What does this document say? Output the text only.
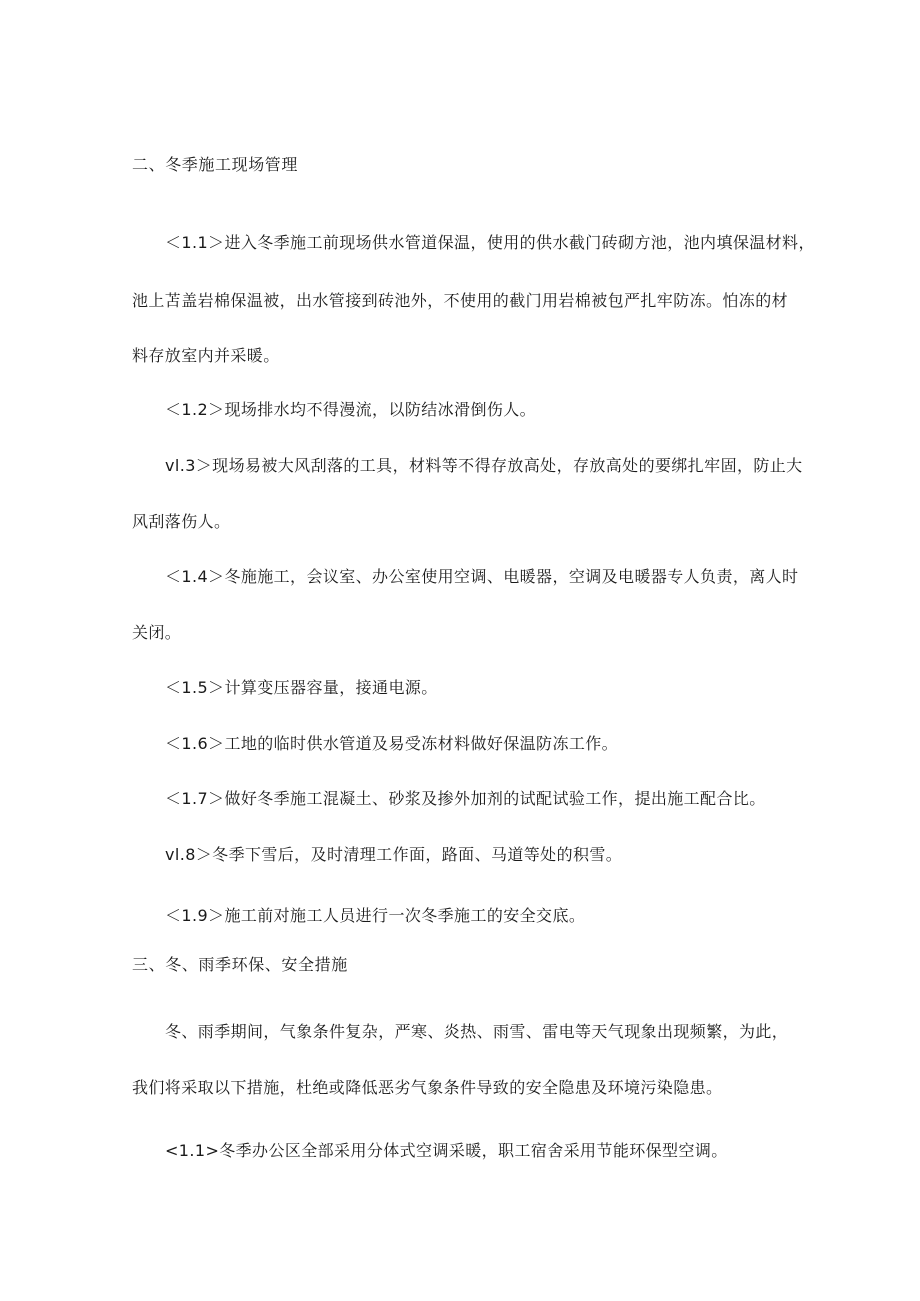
二、冬季施工现场管理
＜1.1＞进入冬季施工前现场供水管道保温，使用的供水截门砖砌方池，池内填保温材料，
池上苫盖岩棉保温被，出水管接到砖池外，不使用的截门用岩棉被包严扎牢防冻。怕冻的材
料存放室内并采暖。
＜1.2＞现场排水均不得漫流，以防结冰滑倒伤人。
vl.3＞现场易被大风刮落的工具，材料等不得存放高处，存放高处的要绑扎牢固，防止大
风刮落伤人。
＜1.4＞冬施施工，会议室、办公室使用空调、电暖器，空调及电暖器专人负责，离人时
关闭。
＜1.5＞计算变压器容量，接通电源。
＜1.6＞工地的临时供水管道及易受冻材料做好保温防冻工作。
＜1.7＞做好冬季施工混凝土、砂浆及掺外加剂的试配试验工作，提出施工配合比。
vl.8＞冬季下雪后，及时清理工作面，路面、马道等处的积雪。
＜1.9＞施工前对施工人员进行一次冬季施工的安全交底。
三、冬、雨季环保、安全措施
冬、雨季期间，气象条件复杂，严寒、炎热、雨雪、雷电等天气现象出现频繁，为此，
我们将采取以下措施，杜绝或降低恶劣气象条件导致的安全隐患及环境污染隐患。
<1.1>冬季办公区全部采用分体式空调采暖，职工宿舍采用节能环保型空调。
